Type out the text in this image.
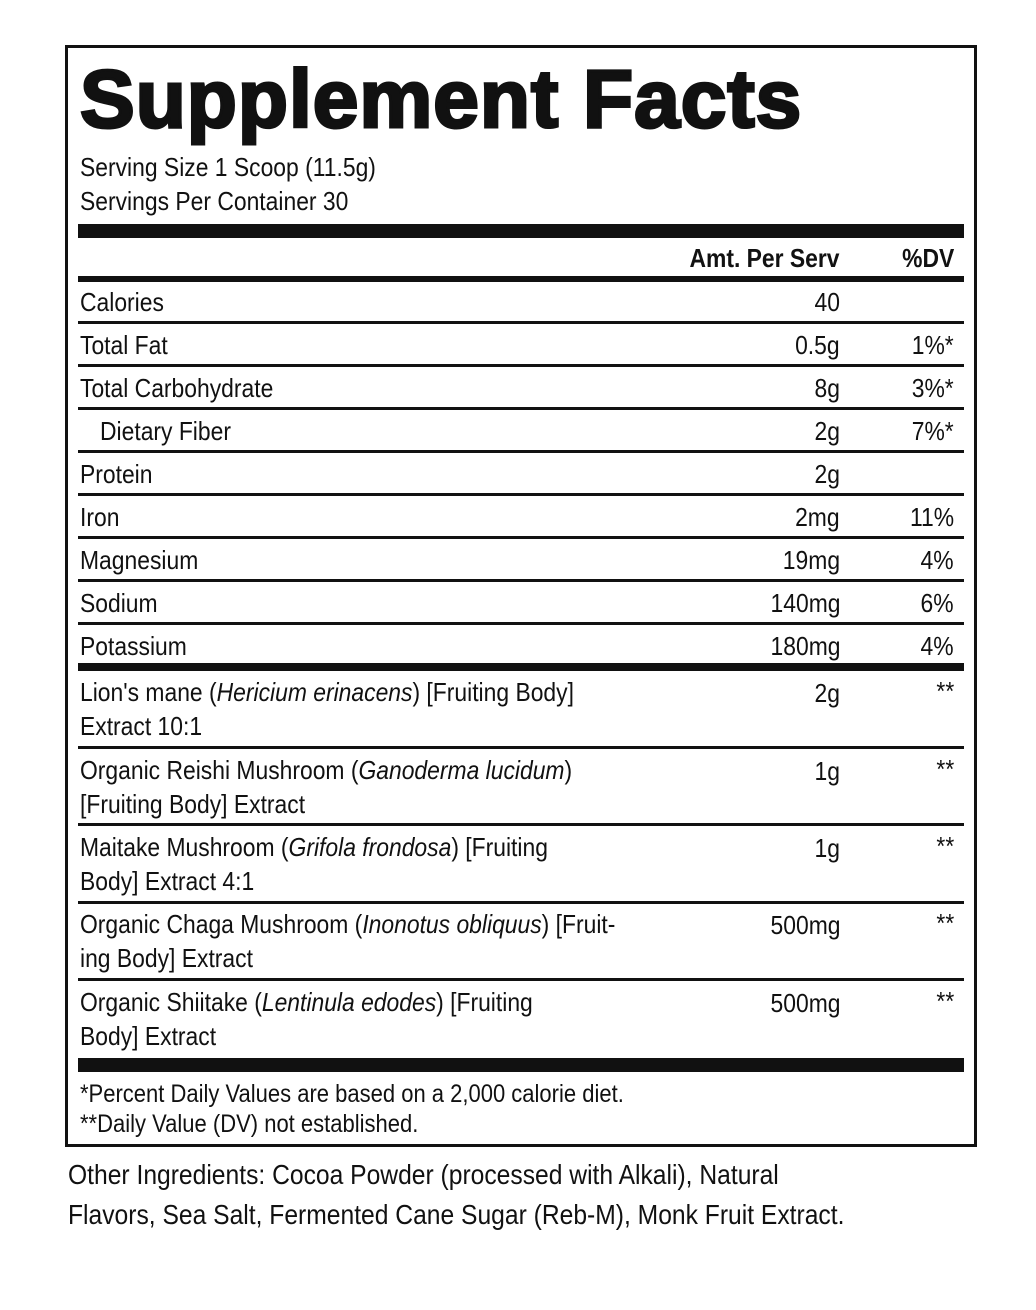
Supplement Facts
Serving Size 1 Scoop (11.5g)
Servings Per Container 30
Amt. Per Serv %DV
Calories	40
Total Fat	0.5g	1%*
Total Carbohydrate	8g	3%*
Dietary Fiber	2g	7%*
Protein	2g
Iron	2mg	11%
Magnesium	19mg	4%
Sodium	140mg	6%
Potassium	180mg	4%
Lion's mane (Hericium erinacens) [Fruiting Body]
Extract 10:1
2g	**
Organic Reishi Mushroom (Ganoderma lucidum)
[Fruiting Body] Extract
1g	**
Maitake Mushroom (Grifola frondosa) [Fruiting
Body] Extract 4:1
1g	**
Organic Chaga Mushroom (Inonotus obliquus) [Fruit-
ing Body] Extract
500mg	**
Organic Shiitake (Lentinula edodes) [Fruiting
Body] Extract
500mg	**
*Percent Daily Values are based on a 2,000 calorie diet.
**Daily Value (DV) not established.
Other Ingredients: Cocoa Powder (processed with Alkali), Natural
Flavors, Sea Salt, Fermented Cane Sugar (Reb-M), Monk Fruit Extract.
